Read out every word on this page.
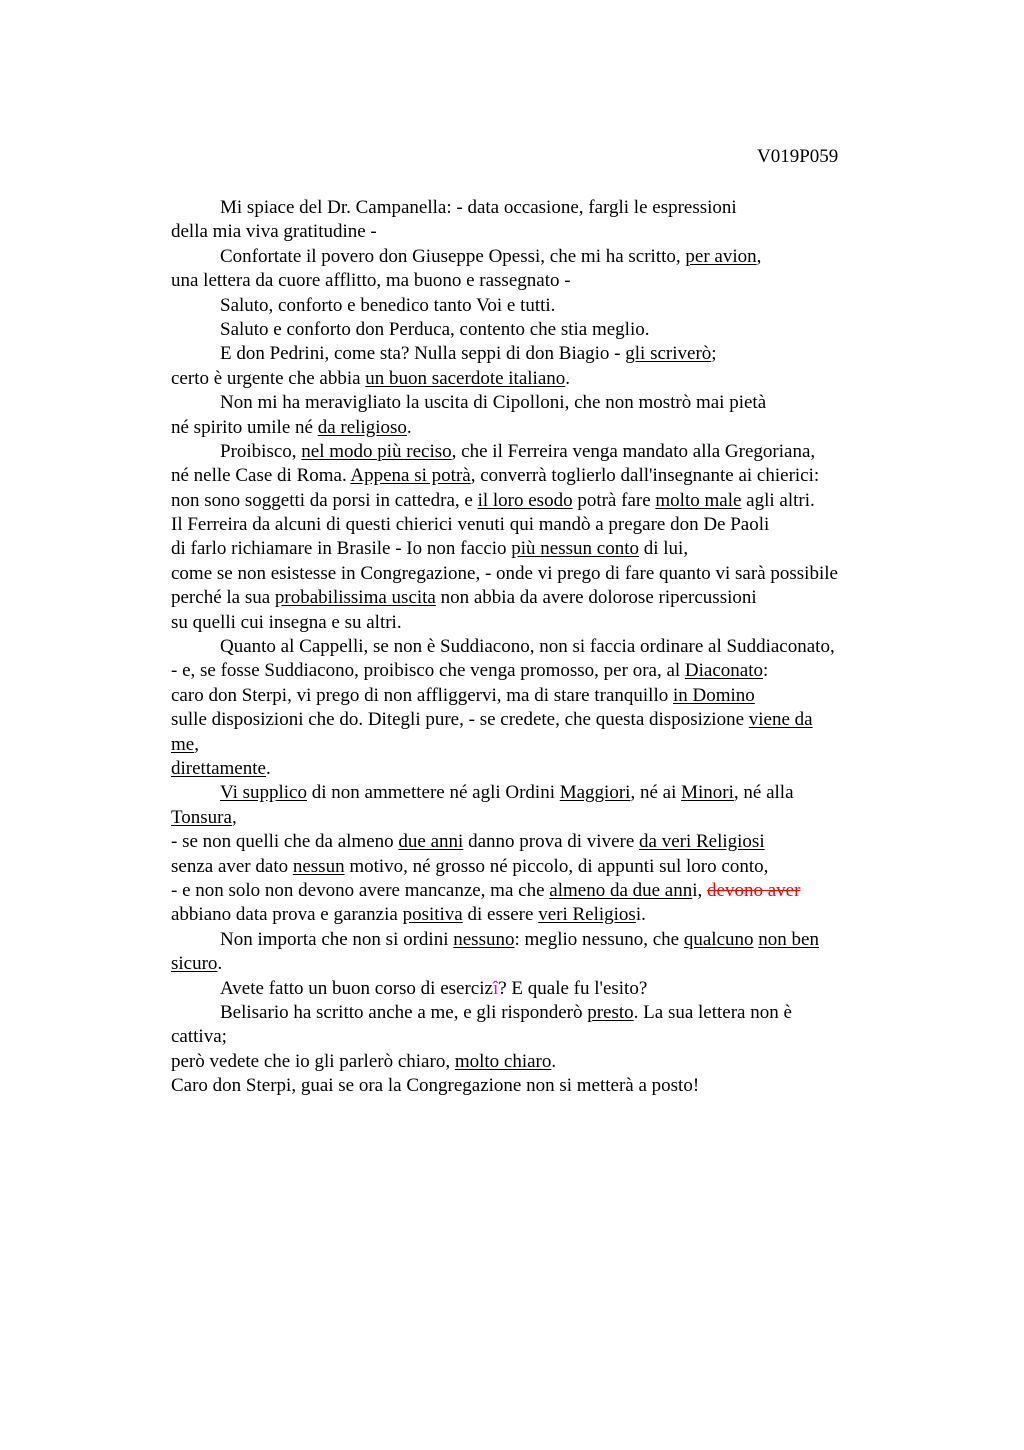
V019P059
Mi spiace del Dr. Campanella: - data occasione, fargli le espressioni
della mia viva gratitudine -
Confortate il povero don Giuseppe Opessi, che mi ha scritto, per avion,
una lettera da cuore afflitto, ma buono e rassegnato -
Saluto, conforto e benedico tanto Voi e tutti.
Saluto e conforto don Perduca, contento che stia meglio.
E don Pedrini, come sta? Nulla seppi di don Biagio - gli scriverò;
certo è urgente che abbia un buon sacerdote italiano.
Non mi ha meravigliato la uscita di Cipolloni, che non mostrò mai pietà
né spirito umile né da religioso.
Proibisco, nel modo più reciso, che il Ferreira venga mandato alla Gregoriana,
né nelle Case di Roma. Appena si potrà, converrà toglierlo dall'insegnante ai chierici:
non sono soggetti da porsi in cattedra, e il loro esodo potrà fare molto male agli altri.
Il Ferreira da alcuni di questi chierici venuti qui mandò a pregare don De Paoli
di farlo richiamare in Brasile - Io non faccio più nessun conto di lui,
come se non esistesse in Congregazione, - onde vi prego di fare quanto vi sarà possibile
perché la sua probabilissima uscita non abbia da avere dolorose ripercussioni
su quelli cui insegna e su altri.
Quanto al Cappelli, se non è Suddiacono, non si faccia ordinare al Suddiaconato,
- e, se fosse Suddiacono, proibisco che venga promosso, per ora, al Diaconato:
caro don Sterpi, vi prego di non affliggervi, ma di stare tranquillo in Domino
sulle disposizioni che do. Ditegli pure, - se credete, che questa disposizione viene da
me,
direttamente.
Vi supplico di non ammettere né agli Ordini Maggiori, né ai Minori, né alla
Tonsura,
- se non quelli che da almeno due anni danno prova di vivere da veri Religiosi
senza aver dato nessun motivo, né grosso né piccolo, di appunti sul loro conto,
- e non solo non devono avere mancanze, ma che almeno da due anni, devono aver
abbiano data prova e garanzia positiva di essere veri Religiosi.
Non importa che non si ordini nessuno: meglio nessuno, che qualcuno non ben
sicuro.
Avete fatto un buon corso di esercizî? E quale fu l'esito?
Belisario ha scritto anche a me, e gli risponderò presto. La sua lettera non è
cattiva;
però vedete che io gli parlerò chiaro, molto chiaro.
Caro don Sterpi, guai se ora la Congregazione non si metterà a posto!
